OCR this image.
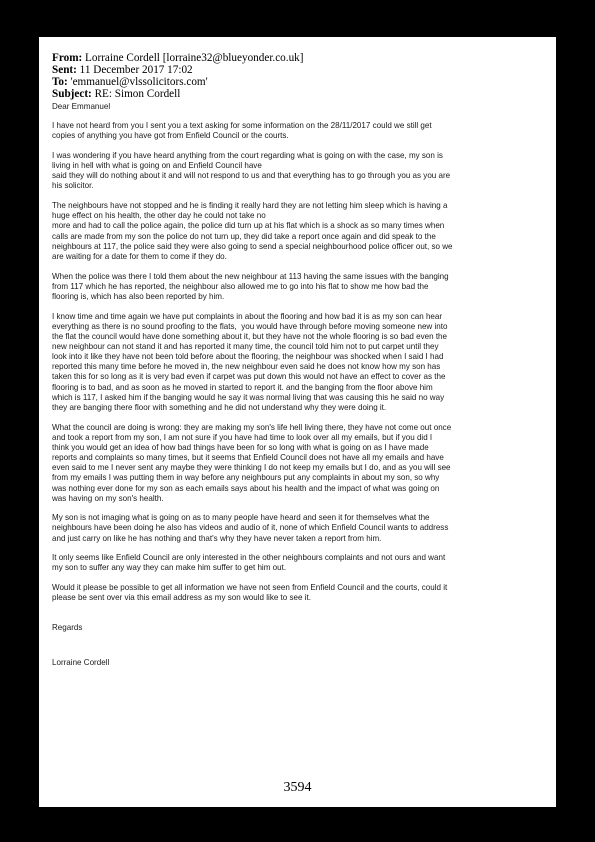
From: Lorraine Cordell [lorraine32@blueyonder.co.uk]
Sent: 11 December 2017 17:02
To: 'emmanuel@vlssolicitors.com'
Subject: RE: Simon Cordell
Dear Emmanuel

I have not heard from you I sent you a text asking for some information on the 28/11/2017 could we still get
copies of anything you have got from Enfield Council or the courts.

I was wondering if you have heard anything from the court regarding what is going on with the case, my son is
living in hell with what is going on and Enfield Council have
said they will do nothing about it and will not respond to us and that everything has to go through you as you are
his solicitor.

The neighbours have not stopped and he is finding it really hard they are not letting him sleep which is having a
huge effect on his health, the other day he could not take no
more and had to call the police again, the police did turn up at his flat which is a shock as so many times when
calls are made from my son the police do not turn up, they did take a report once again and did speak to the
neighbours at 117, the police said they were also going to send a special neighbourhood police officer out, so we
are waiting for a date for them to come if they do.

When the police was there I told them about the new neighbour at 113 having the same issues with the banging
from 117 which he has reported, the neighbour also allowed me to go into his flat to show me how bad the
flooring is, which has also been reported by him.

I know time and time again we have put complaints in about the flooring and how bad it is as my son can hear
everything as there is no sound proofing to the flats,  you would have through before moving someone new into
the flat the council would have done something about it, but they have not the whole flooring is so bad even the
new neighbour can not stand it and has reported it many time, the council told him not to put carpet until they
look into it like they have not been told before about the flooring, the neighbour was shocked when I said I had
reported this many time before he moved in, the new neighbour even said he does not know how my son has
taken this for so long as it is very bad even if carpet was put down this would not have an effect to cover as the
flooring is to bad, and as soon as he moved in started to report it. and the banging from the floor above him
which is 117, I asked him if the banging would he say it was normal living that was causing this he said no way
they are banging there floor with something and he did not understand why they were doing it.

What the council are doing is wrong: they are making my son's life hell living there, they have not come out once
and took a report from my son, I am not sure if you have had time to look over all my emails, but if you did I
think you would get an idea of how bad things have been for so long with what is going on as I have made
reports and complaints so many times, but it seems that Enfield Council does not have all my emails and have
even said to me I never sent any maybe they were thinking I do not keep my emails but I do, and as you will see
from my emails I was putting them in way before any neighbours put any complaints in about my son, so why
was nothing ever done for my son as each emails says about his health and the impact of what was going on
was having on my son's health.

My son is not imaging what is going on as to many people have heard and seen it for themselves what the
neighbours have been doing he also has videos and audio of it, none of which Enfield Council wants to address
and just carry on like he has nothing and that's why they have never taken a report from him.

It only seems like Enfield Council are only interested in the other neighbours complaints and not ours and want
my son to suffer any way they can make him suffer to get him out.

Would it please be possible to get all information we have not seen from Enfield Council and the courts, could it
please be sent over via this email address as my son would like to see it.

Regards
Lorraine Cordell
3594
